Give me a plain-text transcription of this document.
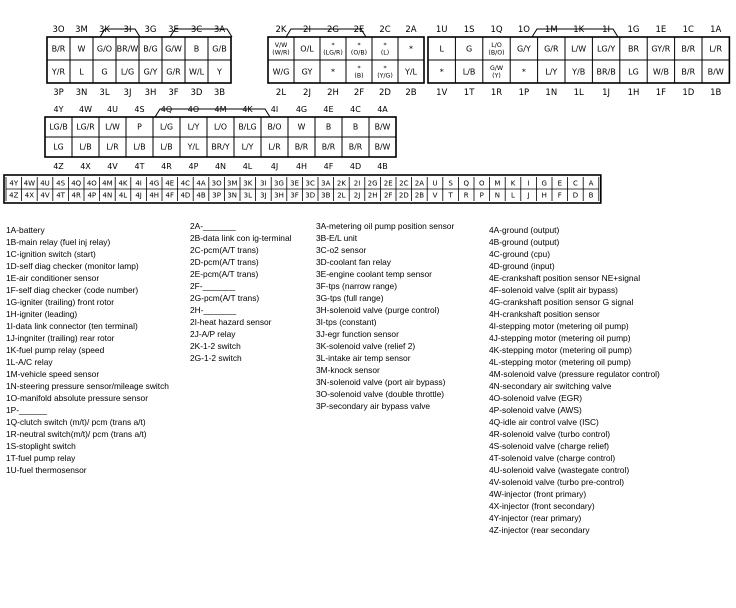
3O
B/R
Y/R
3P
3M
W
L
3N
3K
G/O
G
3L
3I
BR/W
L/G
3J
3G
B/G
G/Y
3H
3E
G/W
G/R
3F
3C
B
W/L
3D
3A
G/B
Y
3B
2K
V/W (W/R)
W/G
2L
2I
O/L
GY
2J
2G
* (LG/R)
*
2H
2E
* (O/B)
* (B)
2F
2C
* (L)
* (Y/G)
2D
2A
*
Y/L
2B
1U
L
*
1V
1S
G
L/B
1T
1Q
L/O (B/O)
G/W (Y)
1R
1O
G/Y
*
1P
1M
G/R
L/Y
1N
1K
L/W
Y/B
1L
1I
LG/Y
BR/B
1J
1G
BR
LG
1H
1E
GY/R
W/B
1F
1C
B/R
B/R
1D
1A
L/R
B/W
1B
4Y
LG/B
LG
4Z
4W
LG/R
L/B
4X
4U
L/W
L/R
4V
4S
P
L/B
4T
4Q
L/G
L/B
4R
4O
L/Y
Y/L
4P
4M
L/O
BR/Y
4N
4K
B/LG
L/Y
4L
4I
B/O
L/R
4J
4G
W
B/R
4H
4E
B
B/R
4F
4C
B
B/R
4D
4A
B/W
B/W
4B
4Y 4W 4U 4S 4Q 4O 4M 4K 4I 4G 4E 4C 4A 3O 3M 3K 3I 3G 3E 3C 3A 2K 2I 2G 2E 2C 2A U S Q O M K I G E C A
4Z 4X 4V 4T 4R 4P 4N 4L 4J 4H 4F 4D 4B 3P 3N 3L 3J 3H 3F 3D 3B 2L 2J 2H 2F 2D 2B V T R P N L J H F D B
1A-battery
1B-main relay (fuel inj relay)
1C-ignition switch (start)
1D-self diag checker (monitor lamp)
1E-air conditioner sensor
1F-self diag checker (code number)
1G-igniter (trailing) front rotor
1H-igniter (leading)
1I-data link connector (ten terminal)
1J-ingniter (trailing) rear rotor
1K-fuel pump relay (speed
1L-A/C relay
1M-vehicle speed sensor
1N-steering pressure sensor/mileage switch
1O-manifold absolute pressure sensor
1P-______
1Q-clutch switch (m/t)/ pcm (trans a/t)
1R-neutral switch(m/t)/ pcm (trans a/t)
1S-stoplight switch
1T-fuel pump relay
1U-fuel thermosensor
2A-_______
2B-data link con ig-terminal
2C-pcm(A/T trans)
2D-pcm(A/T trans)
2E-pcm(A/T trans)
2F-_______
2G-pcm(A/T trans)
2H-_______
2I-heat hazard sensor
2J-A/P relay
2K-1-2 switch
2G-1-2 switch
3A-metering oil pump position sensor
3B-E/L unit
3C-o2 sensor
3D-coolant fan relay
3E-engine coolant temp sensor
3F-tps (narrow range)
3G-tps (full range)
3H-solenoid valve (purge control)
3I-tps (constant)
3J-egr function sensor
3K-solenoid valve (relief 2)
3L-intake air temp sensor
3M-knock sensor
3N-solenoid valve (port air bypass)
3O-solenoid valve (double throttle)
3P-secondary air bypass valve
4A-ground (output)
4B-ground (output)
4C-ground (cpu)
4D-ground (input)
4E-crankshaft position sensor NE+signal
4F-solenoid valve (split air bypass)
4G-crankshaft position sensor G signal
4H-crankshaft position sensor
4I-stepping motor (metering oil pump)
4J-stepping motor (metering oil pump)
4K-stepping motor (metering oil pump)
4L-stepping motor (metering oil pump)
4M-solenoid valve (pressure regulator control)
4N-secondary air switching valve
4O-solenoid valve (EGR)
4P-solenoid valve (AWS)
4Q-idle air control valve (ISC)
4R-solenoid valve (turbo control)
4S-solenoid valve (charge relief)
4T-solenoid valve (charge control)
4U-solenoid valve (wastegate control)
4V-solenoid valve (turbo pre-control)
4W-injector (front primary)
4X-injector (front secondary)
4Y-injector (rear primary)
4Z-injector (rear secondary
